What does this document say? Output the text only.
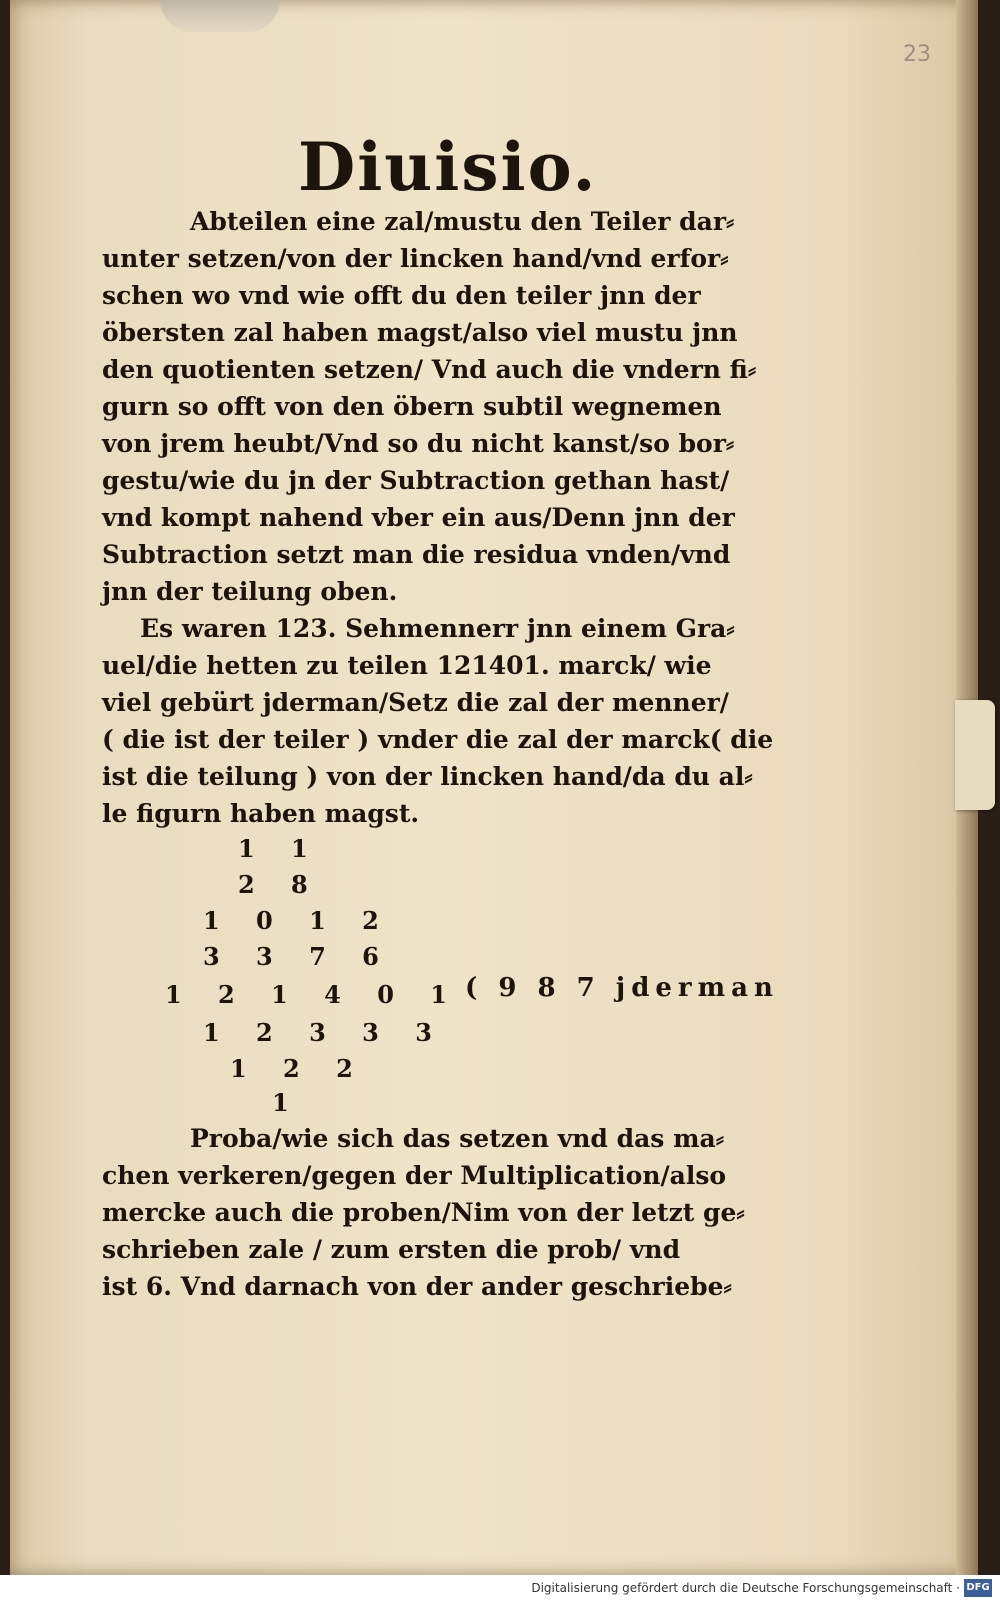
23
Diuisio.
Abteilen eine zal/mustu den Teiler dar⸗
unter setzen/von der lincken hand/vnd erfor⸗
schen wo vnd wie offt du den teiler jnn der
öbersten zal haben magst/also viel mustu jnn
den quotienten setzen/ Vnd auch die vndern fi⸗
gurn so offt von den öbern subtil wegnemen
von jrem heubt/Vnd so du nicht kanst/so bor⸗
gestu/wie du jn der Subtraction gethan hast/
vnd kompt nahend vber ein aus/Denn jnn der
Subtraction setzt man die residua vnden/vnd
jnn der teilung oben.
Es waren 123. Sehmennerr jnn einem Gra⸗
uel/die hetten zu teilen 121401. marck/ wie
viel gebürt jderman/Setz die zal der menner/
( die ist der teiler ) vnder die zal der marck( die
ist die teilung ) von der lincken hand/da du al⸗
le figurn haben magst.
1 1
2 8
1 0 1 2
3 3 7 6
1 2 1 4 0 1
1 2 3 3 3
1 2 2
1
( 9 8 7 jderman
Proba/wie sich das setzen vnd das ma⸗
chen verkeren/gegen der Multiplication/also
mercke auch die proben/Nim von der letzt ge⸗
schrieben zale / zum ersten die prob/ vnd
ist 6. Vnd darnach von der ander geschriebe⸗
Digitalisierung gefördert durch die Deutsche Forschungsgemeinschaft · DFG
